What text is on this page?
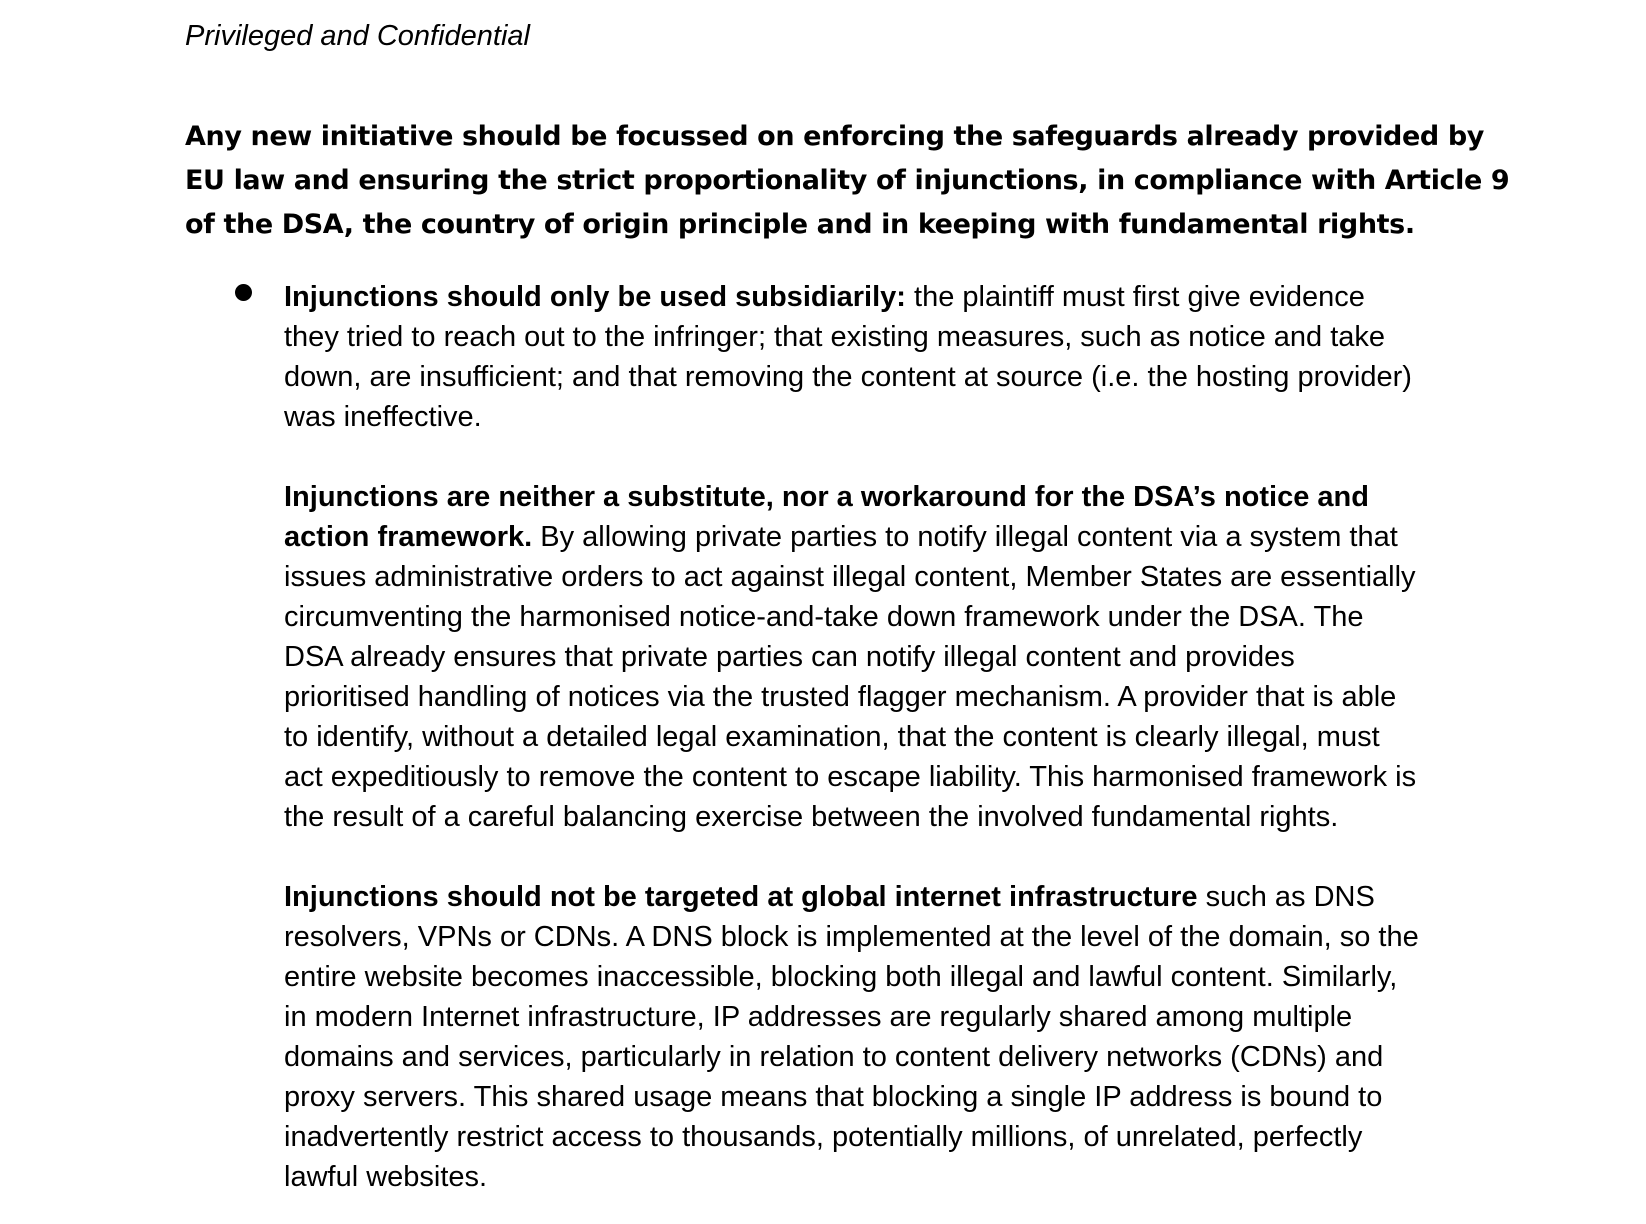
Privileged and Confidential

Any new initiative should be focussed on enforcing the safeguards already provided by
EU law and ensuring the strict proportionality of injunctions, in compliance with Article 9
of the DSA, the country of origin principle and in keeping with fundamental rights.

Injunctions should only be used subsidiarily: the plaintiff must first give evidence
they tried to reach out to the infringer; that existing measures, such as notice and take
down, are insufficient; and that removing the content at source (i.e. the hosting provider)
was ineffective.

Injunctions are neither a substitute, nor a workaround for the DSA’s notice and
action framework. By allowing private parties to notify illegal content via a system that
issues administrative orders to act against illegal content, Member States are essentially
circumventing the harmonised notice-and-take down framework under the DSA. The
DSA already ensures that private parties can notify illegal content and provides
prioritised handling of notices via the trusted flagger mechanism. A provider that is able
to identify, without a detailed legal examination, that the content is clearly illegal, must
act expeditiously to remove the content to escape liability. This harmonised framework is
the result of a careful balancing exercise between the involved fundamental rights.

Injunctions should not be targeted at global internet infrastructure such as DNS
resolvers, VPNs or CDNs. A DNS block is implemented at the level of the domain, so the
entire website becomes inaccessible, blocking both illegal and lawful content. Similarly,
in modern Internet infrastructure, IP addresses are regularly shared among multiple
domains and services, particularly in relation to content delivery networks (CDNs) and
proxy servers. This shared usage means that blocking a single IP address is bound to
inadvertently restrict access to thousands, potentially millions, of unrelated, perfectly
lawful websites.
